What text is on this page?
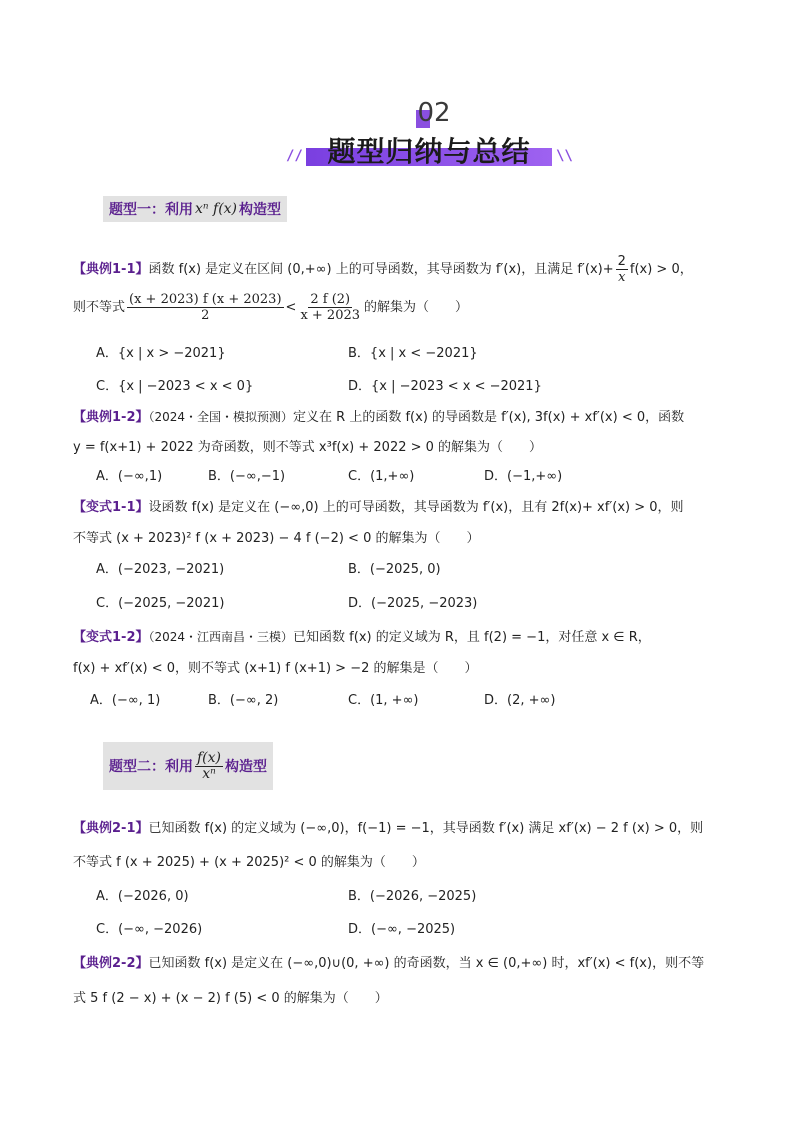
02
题型归纳与总结
//	\\
题型一：利用 xⁿ f(x) 构造型
【典例1-1】函数 f(x) 是定义在区间 (0,+∞) 上的可导函数，其导函数为 f′(x)，且满足 $f'(x)+ \frac{2}{x} f(x) > 0$，
则不等式 $\frac{(x + 2023) f (x + 2023)}{2} < \frac{2 f (2)}{x + 2023}$ 的解集为（　　）
A．{x | x > −2021}	B．{x | x < −2021}
C．{x | −2023 < x < 0}	D．{x | −2023 < x < −2021}
【典例1-2】（2024・全国・模拟预测）定义在 R 上的函数 f(x) 的导函数是 f′(x), 3f(x) + xf′(x) < 0，函数
y = f(x+1) + 2022 为奇函数，则不等式 x³f(x) + 2022 > 0 的解集为（　　）
A．(−∞,1)	B．(−∞,−1)	C．(1,+∞)	D．(−1,+∞)
【变式1-1】设函数 f(x) 是定义在 (−∞,0) 上的可导函数，其导函数为 f′(x)，且有 2f(x)+ xf′(x) > 0，则
不等式 (x + 2023)² f (x + 2023) − 4 f (−2) < 0 的解集为（　　）
A．(−2023, −2021)	B．(−2025, 0)
C．(−2025, −2021)	D．(−2025, −2023)
【变式1-2】（2024・江西南昌・三模）已知函数 f(x) 的定义域为 R，且 f(2) = −1，对任意 x ∈ R，
f(x) + xf′(x) < 0，则不等式 (x+1) f (x+1) > −2 的解集是（　　）
A．(−∞, 1)	B．(−∞, 2)	C．(1, +∞)	D．(2, +∞)
题型二：利用 $\frac{f(x)}{\text{xⁿ}}$ 构造型
【典例2-1】已知函数 f(x) 的定义域为 (−∞,0)，f(−1) = −1，其导函数 f′(x) 满足 xf′(x) − 2 f (x) > 0，则
不等式 f (x + 2025) + (x + 2025)² < 0 的解集为（　　）
A．(−2026, 0)	B．(−2026, −2025)
C．(−∞, −2026)	D．(−∞, −2025)
【典例2-2】已知函数 f(x) 是定义在 (−∞,0)∪(0, +∞) 的奇函数，当 x ∈ (0,+∞) 时，xf′(x) < f(x)，则不等
式 5 f (2 − x) + (x − 2) f (5) < 0 的解集为（　　）
